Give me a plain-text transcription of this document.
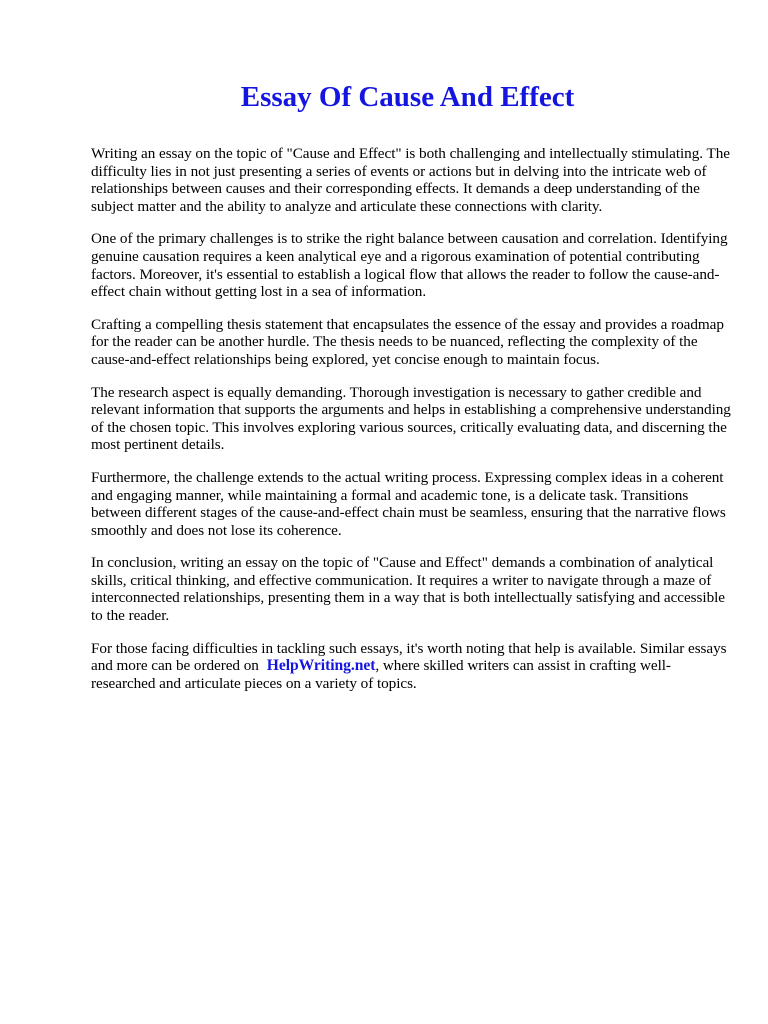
Essay Of Cause And Effect

Writing an essay on the topic of "Cause and Effect" is both challenging and intellectually stimulating. The difficulty lies in not just presenting a series of events or actions but in delving into the intricate web of relationships between causes and their corresponding effects. It demands a deep understanding of the subject matter and the ability to analyze and articulate these connections with clarity.

One of the primary challenges is to strike the right balance between causation and correlation. Identifying genuine causation requires a keen analytical eye and a rigorous examination of potential contributing factors. Moreover, it's essential to establish a logical flow that allows the reader to follow the cause-and-effect chain without getting lost in a sea of information.

Crafting a compelling thesis statement that encapsulates the essence of the essay and provides a roadmap for the reader can be another hurdle. The thesis needs to be nuanced, reflecting the complexity of the cause-and-effect relationships being explored, yet concise enough to maintain focus.

The research aspect is equally demanding. Thorough investigation is necessary to gather credible and relevant information that supports the arguments and helps in establishing a comprehensive understanding of the chosen topic. This involves exploring various sources, critically evaluating data, and discerning the most pertinent details.

Furthermore, the challenge extends to the actual writing process. Expressing complex ideas in a coherent and engaging manner, while maintaining a formal and academic tone, is a delicate task. Transitions between different stages of the cause-and-effect chain must be seamless, ensuring that the narrative flows smoothly and does not lose its coherence.

In conclusion, writing an essay on the topic of "Cause and Effect" demands a combination of analytical skills, critical thinking, and effective communication. It requires a writer to navigate through a maze of interconnected relationships, presenting them in a way that is both intellectually satisfying and accessible to the reader.

For those facing difficulties in tackling such essays, it's worth noting that help is available. Similar essays and more can be ordered on HelpWriting.net, where skilled writers can assist in crafting well-researched and articulate pieces on a variety of topics.
